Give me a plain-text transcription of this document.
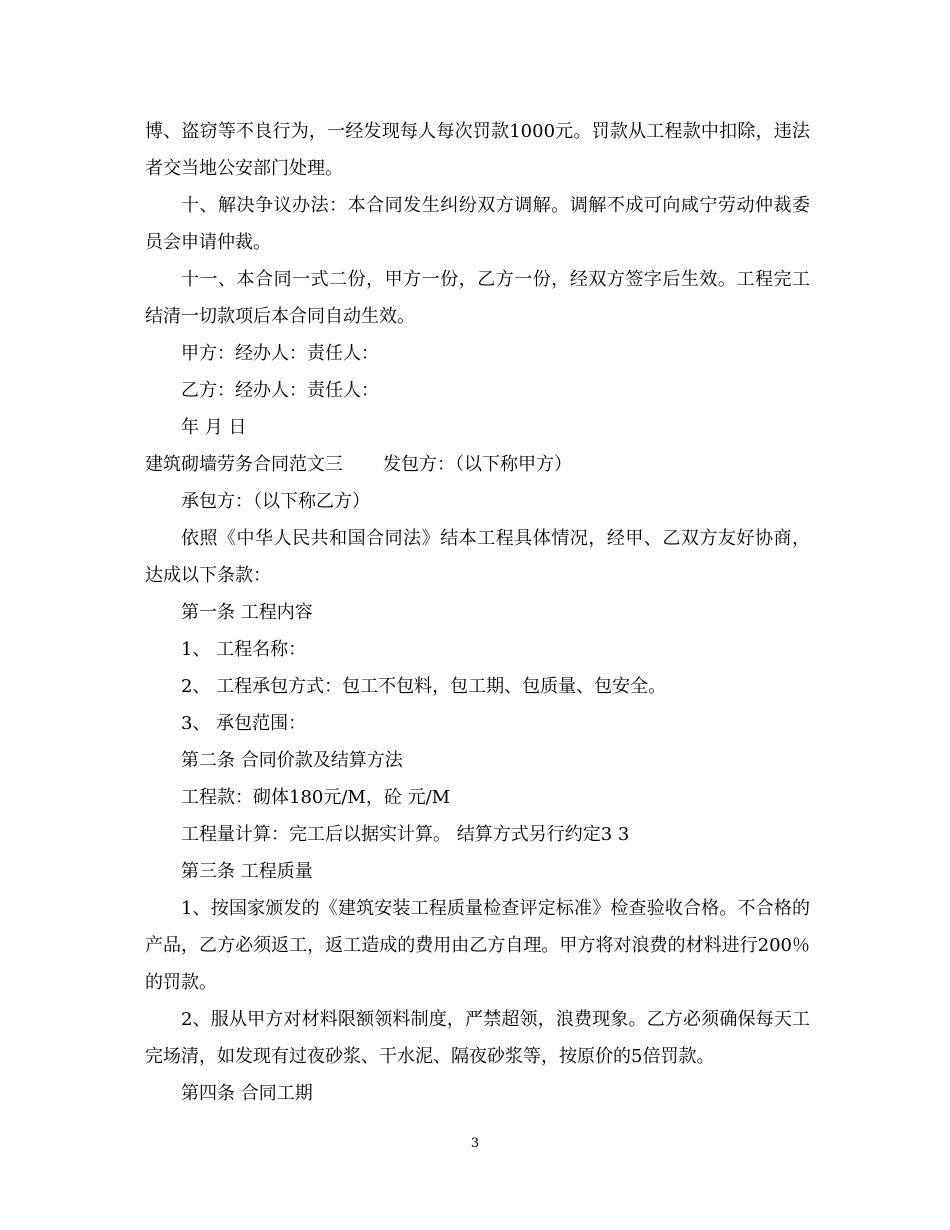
博、盗窃等不良行为，一经发现每人每次罚款1000元。罚款从工程款中扣除，违法者交当地公安部门处理。

十、解决争议办法：本合同发生纠纷双方调解。调解不成可向咸宁劳动仲裁委员会申请仲裁。

十一、本合同一式二份，甲方一份，乙方一份，经双方签字后生效。工程完工结清一切款项后本合同自动生效。

甲方：经办人：责任人：

乙方：经办人：责任人：

年 月 日

建筑砌墙劳务合同范文三 发包方：（以下称甲方）

承包方：（以下称乙方）

依照《中华人民共和国合同法》结本工程具体情况，经甲、乙双方友好协商，达成以下条款：

第一条 工程内容

1、 工程名称：

2、 工程承包方式：包工不包料，包工期、包质量、包安全。

3、 承包范围：

第二条 合同价款及结算方法

工程款：砌体180元/M，砼 元/M

工程量计算：完工后以据实计算。 结算方式另行约定3 3

第三条 工程质量

1、按国家颁发的《建筑安装工程质量检查评定标准》检查验收合格。不合格的产品，乙方必须返工，返工造成的费用由乙方自理。甲方将对浪费的材料进行200％的罚款。

2、服从甲方对材料限额领料制度，严禁超领，浪费现象。乙方必须确保每天工完场清，如发现有过夜砂浆、干水泥、隔夜砂浆等，按原价的5倍罚款。

第四条 合同工期

3
